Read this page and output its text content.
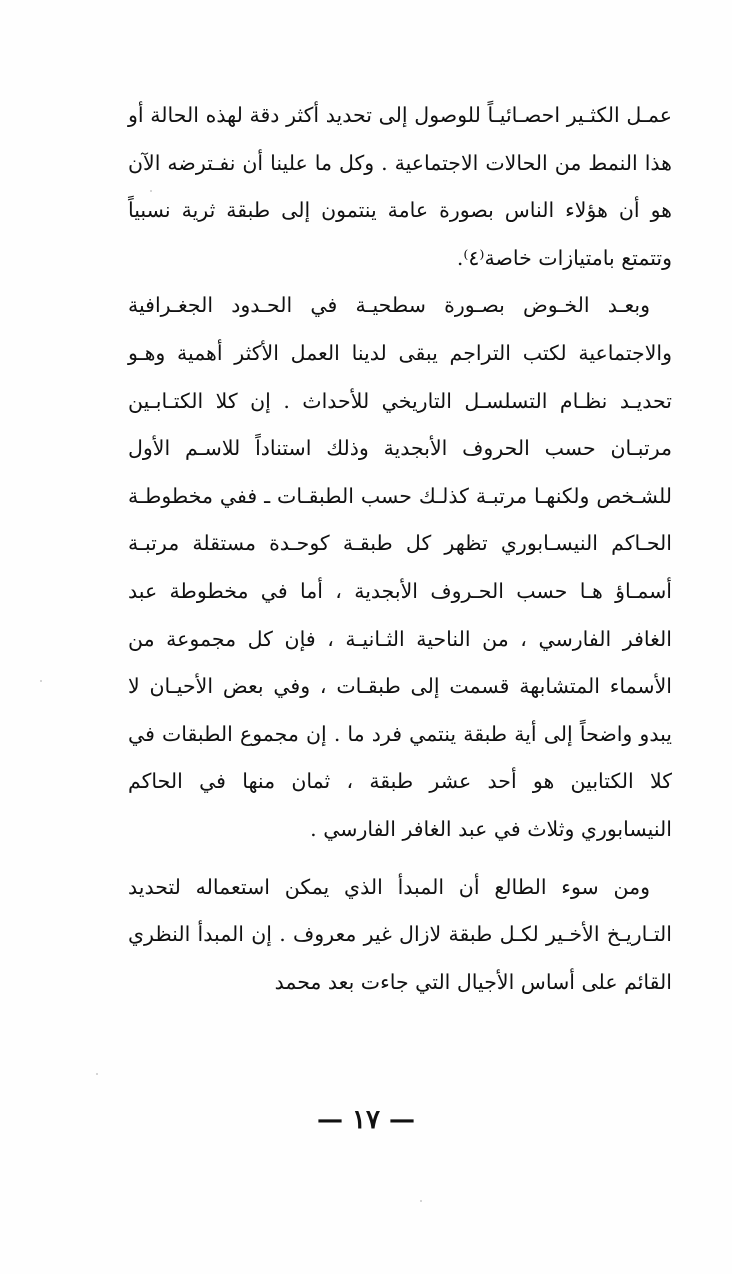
عمـل الكثـير احصـائيـاً للوصول إلى تحديد أكثر دقة لهذه الحالة أو هذا النمط من الحالات الاجتماعية . وكل ما علينا أن نفـترضه الآن هو أن هؤلاء الناس بصورة عامة ينتمون إلى طبقة ثرية نسبياً وتتمتع بامتيازات خاصة⁽٤⁾.

وبعـد الخـوض بصـورة سطحيـة في الحـدود الجغـرافية والاجتماعية لكتب التراجم يبقى لدينا العمل الأكثر أهمية وهـو تحديـد نظـام التسلسـل التاريخي للأحداث . إن كلا الكتـابـين مرتبـان حسب الحروف الأبجدية وذلك استناداً للاسـم الأول للشـخص ولكنهـا مرتبـة كذلـك حسب الطبقـات ـ ففي مخطوطـة الحـاكم النيسـابوري تظهر كل طبقـة كوحـدة مستقلة مرتبـة أسمـاؤ هـا حسب الحـروف الأبجدية ، أما في مخطوطة عبد الغافر الفارسي ، من الناحية الثـانيـة ، فإن كل مجموعة من الأسماء المتشابهة قسمت إلى طبقـات ، وفي بعض الأحيـان لا يبدو واضحاً إلى أية طبقة ينتمي فرد ما . إن مجموع الطبقات في كلا الكتابين هو أحد عشر طبقة ، ثمان منها في الحاكم النيسابوري وثلاث في عبد الغافر الفارسي .

ومن سوء الطالع أن المبدأ الذي يمكن استعماله لتحديد التـاريـخ الأخـير لكـل طبقة لازال غير معروف . إن المبدأ النظري القائم على أساس الأجيال التي جاءت بعد محمد

— ١٧ —
